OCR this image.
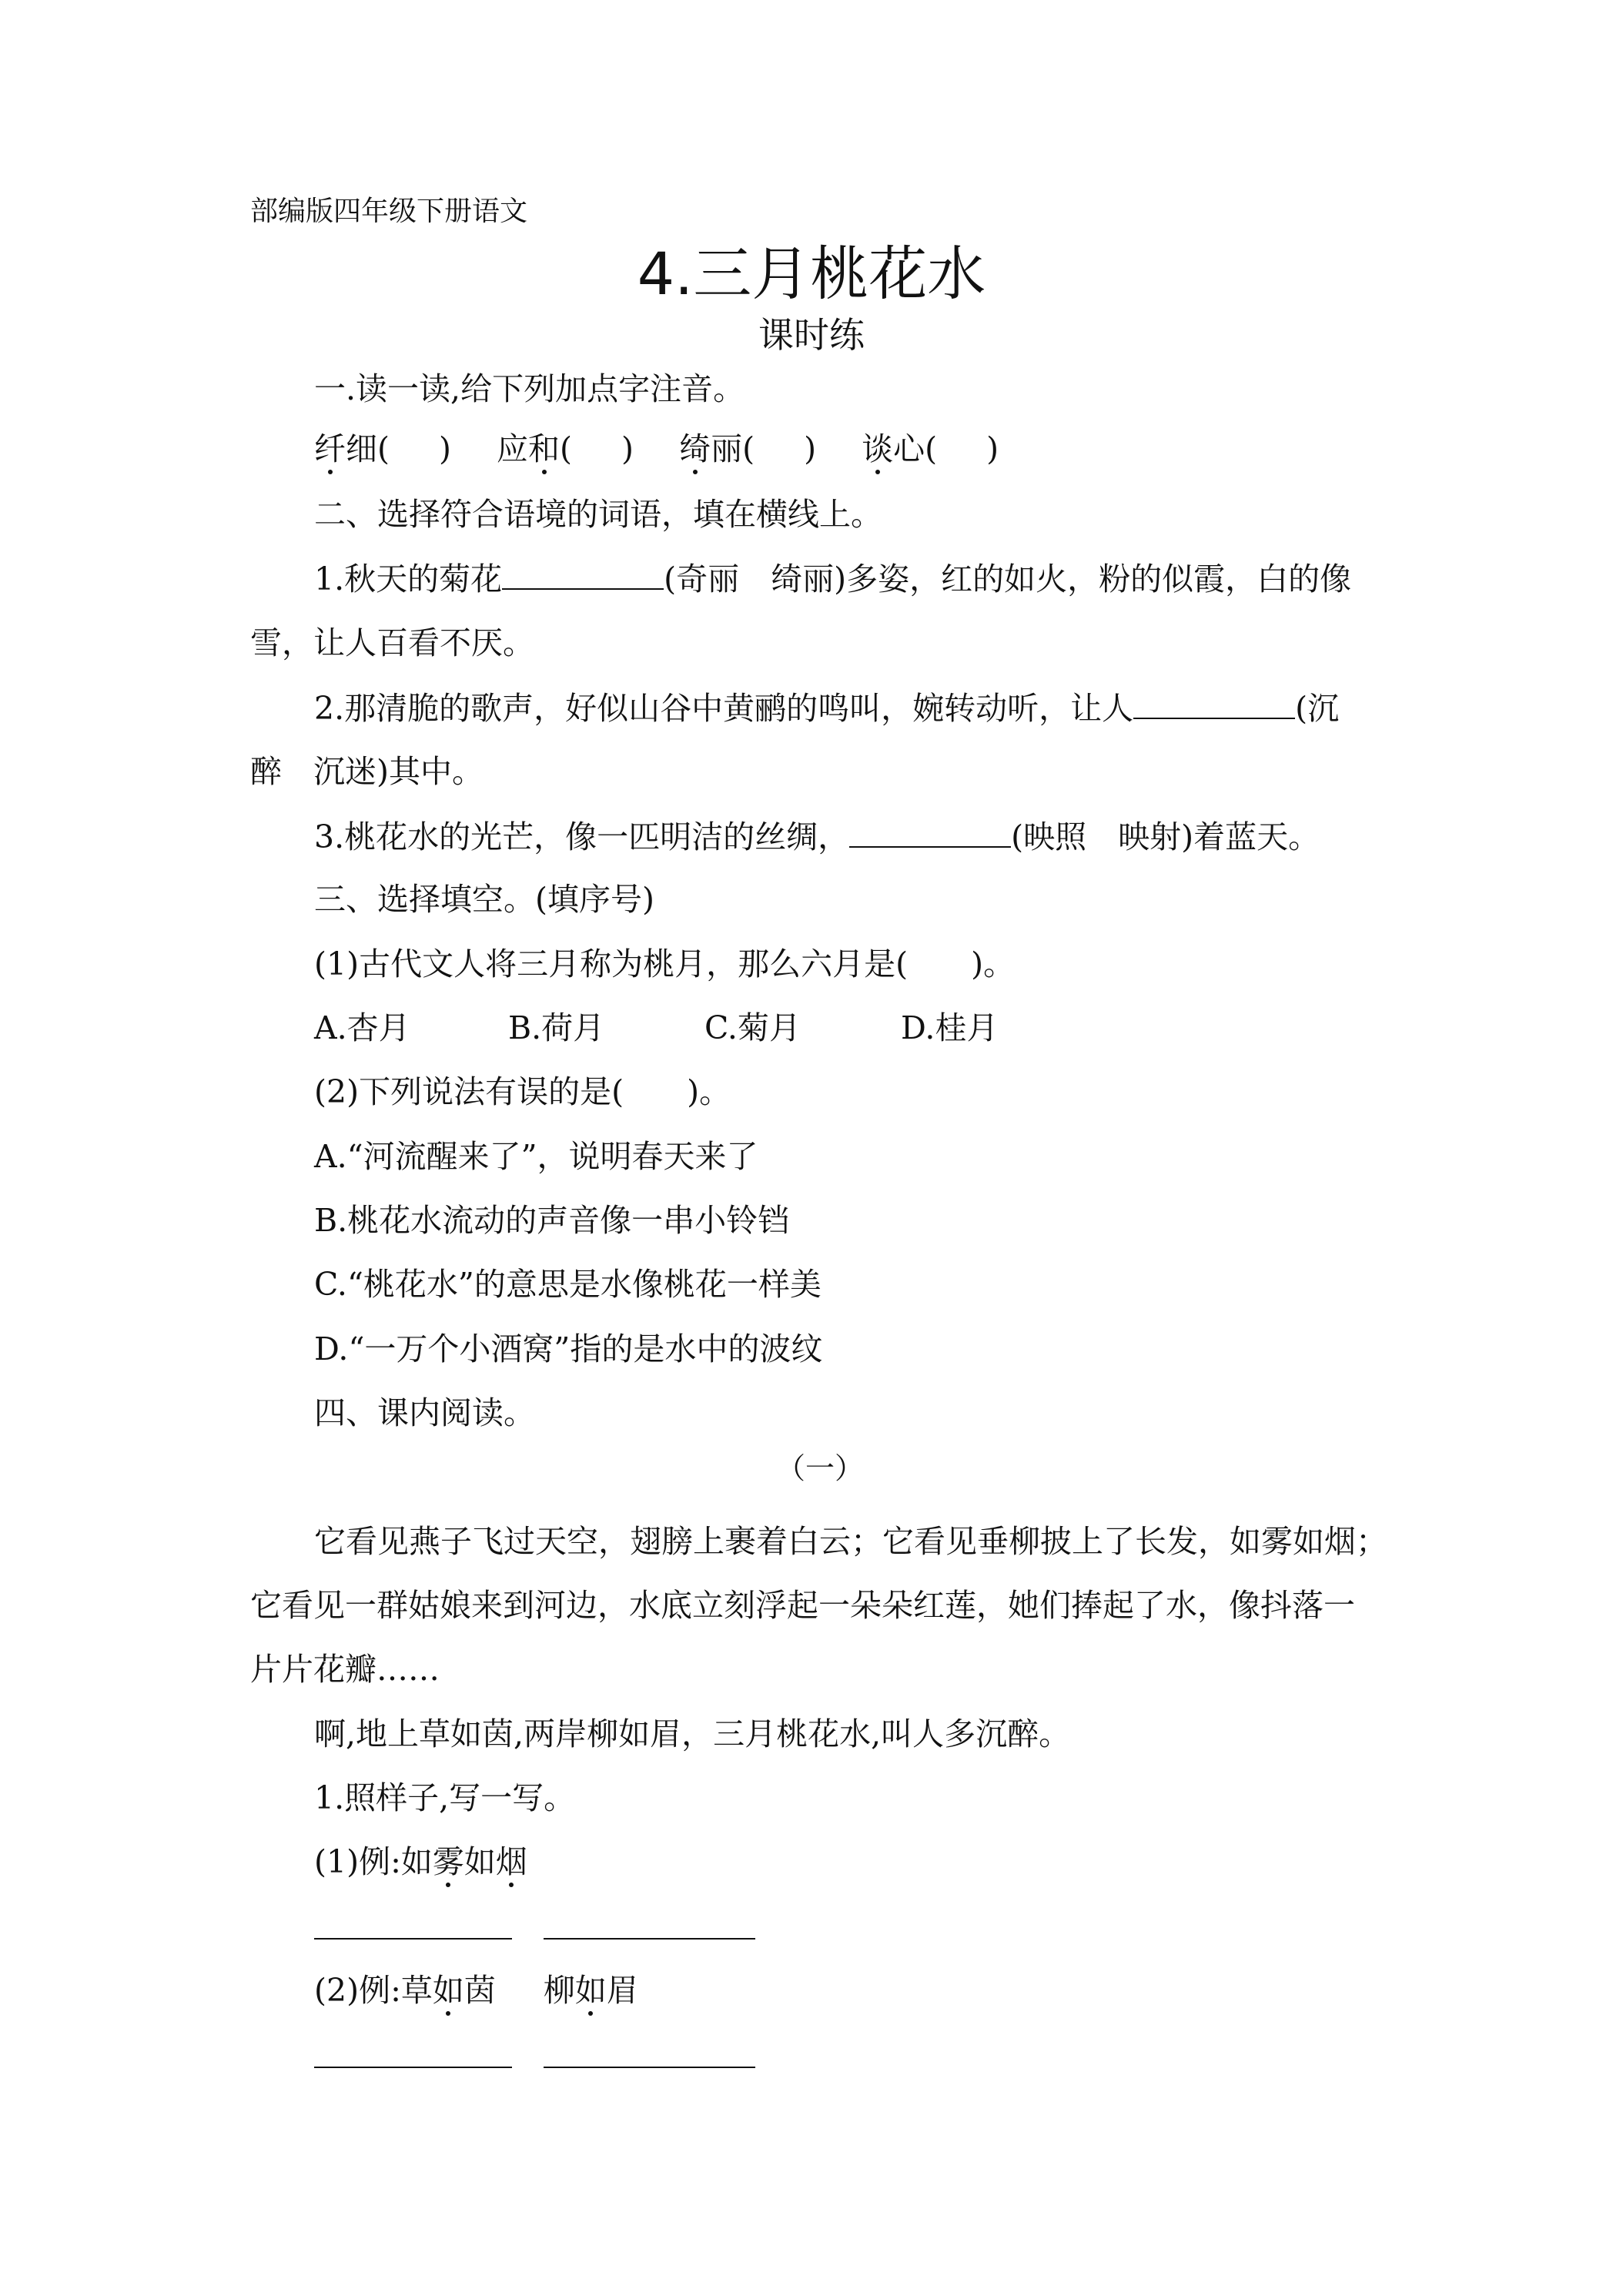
部编版四年级下册语文
4.三月桃花水
课时练
一.读一读,给下列加点字注音。
纤细( ) 应和( ) 绮丽( ) 谈心( )
二、选择符合语境的词语，填在横线上。
1.秋天的菊花	(奇丽　绮丽)多姿，红的如火，粉的似霞，白的像
雪，让人百看不厌。
2.那清脆的歌声，好似山谷中黄鹂的鸣叫，婉转动听，让人	(沉
醉　沉迷)其中。
3.桃花水的光芒，像一匹明洁的丝绸，	(映照　映射)着蓝天。
三、选择填空。(填序号)
(1)古代文人将三月称为桃月，那么六月是(　　)。
A.杏月	B.荷月	C.菊月	D.桂月
(2)下列说法有误的是(　　)。
A.“河流醒来了”，说明春天来了
B.桃花水流动的声音像一串小铃铛
C.“桃花水”的意思是水像桃花一样美
D.“一万个小酒窝”指的是水中的波纹
四、课内阅读。
（一）
它看见燕子飞过天空，翅膀上裹着白云；它看见垂柳披上了长发，如雾如烟；
它看见一群姑娘来到河边，水底立刻浮起一朵朵红莲，她们捧起了水，像抖落一
片片花瓣……
啊,地上草如茵,两岸柳如眉，三月桃花水,叫人多沉醉。
1.照样子,写一写。
(1)例:如雾如烟
(2)例:草如茵 柳如眉
